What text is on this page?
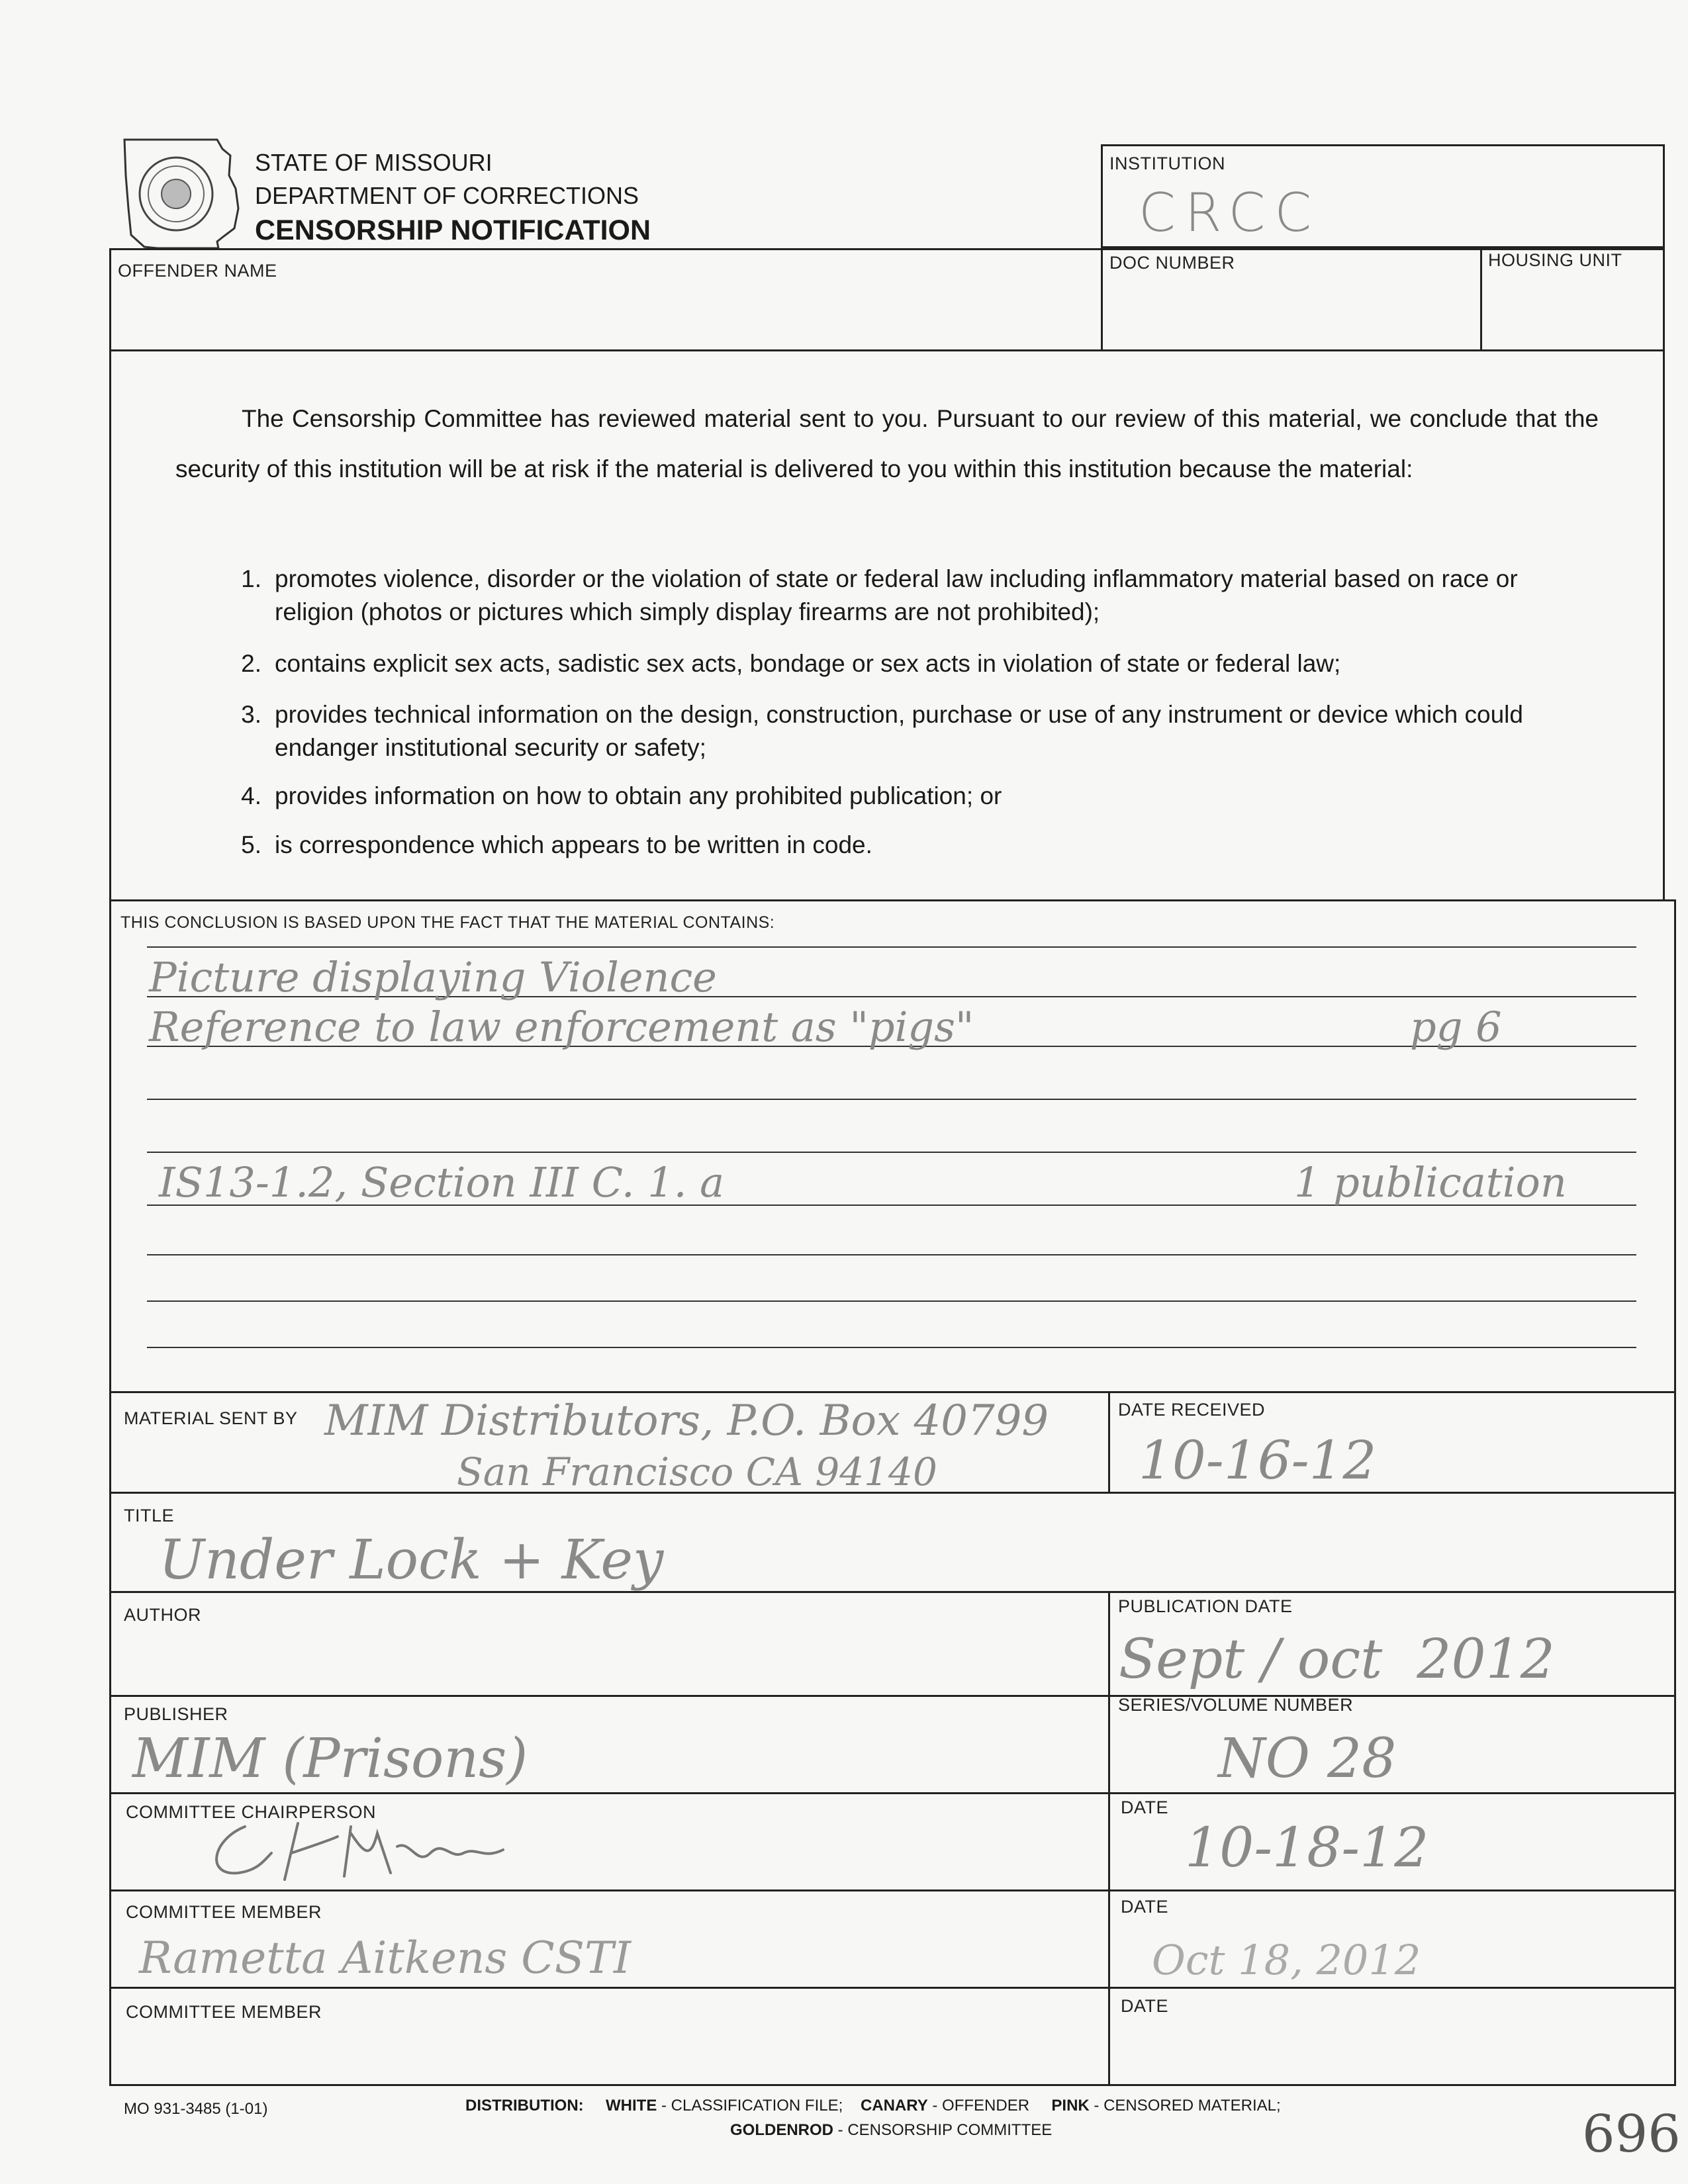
STATE OF MISSOURI
DEPARTMENT OF CORRECTIONS
CENSORSHIP NOTIFICATION
INSTITUTION
CRCC
OFFENDER NAME	DOC NUMBER	HOUSING UNIT
The Censorship Committee has reviewed material sent to you. Pursuant to our review of this material, we conclude that the security of this institution will be at risk if the material is delivered to you within this institution because the material:
1. promotes violence, disorder or the violation of state or federal law including inflammatory material based on race or religion (photos or pictures which simply display firearms are not prohibited);
2. contains explicit sex acts, sadistic sex acts, bondage or sex acts in violation of state or federal law;
3. provides technical information on the design, construction, purchase or use of any instrument or device which could endanger institutional security or safety;
4. provides information on how to obtain any prohibited publication; or
5. is correspondence which appears to be written in code.
THIS CONCLUSION IS BASED UPON THE FACT THAT THE MATERIAL CONTAINS:
Picture displaying Violence
Reference to law enforcement as "pigs"	pg 6
IS13-1.2, Section III C. 1. a	1 publication
MATERIAL SENT BY MIM Distributors, P.O. Box 40799
San Francisco CA 94140
DATE RECEIVED
10-16-12
TITLE
Under Lock + Key
AUTHOR	PUBLICATION DATE
Sept / oct  2012
PUBLISHER
MIM (Prisons)
SERIES/VOLUME NUMBER
NO 28
COMMITTEE CHAIRPERSON	DATE
10-18-12
COMMITTEE MEMBER
Rametta Aitkens CSTI
DATE
Oct 18, 2012
COMMITTEE MEMBER	DATE
MO 931-3485 (1-01)	DISTRIBUTION: WHITE - CLASSIFICATION FILE; CANARY - OFFENDER PINK - CENSORED MATERIAL;
GOLDENROD - CENSORSHIP COMMITTEE	696
